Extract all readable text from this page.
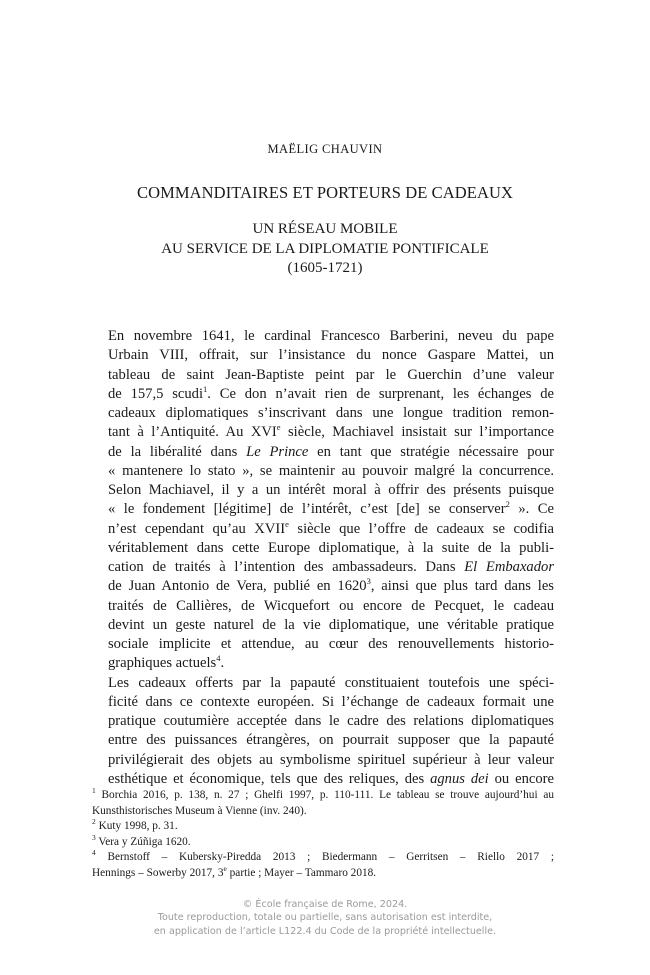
MAËLIG CHAUVIN
COMMANDITAIRES ET PORTEURS DE CADEAUX
UN RÉSEAU MOBILE
AU SERVICE DE LA DIPLOMATIE PONTIFICALE
(1605-1721)

En novembre 1641, le cardinal Francesco Barberini, neveu du pape
Urbain VIII, offrait, sur l’insistance du nonce Gaspare Mattei, un
tableau de saint Jean-Baptiste peint par le Guerchin d’une valeur
de 157,5 scudi$^1$. Ce don n’avait rien de surprenant, les échanges de
cadeaux diplomatiques s’inscrivant dans une longue tradition remon-
tant à l’Antiquité. Au XVIe siècle, Machiavel insistait sur l’importance
de la libéralité dans Le Prince en tant que stratégie nécessaire pour
« mantenere lo stato », se maintenir au pouvoir malgré la concurrence.
Selon Machiavel, il y a un intérêt moral à offrir des présents puisque
« le fondement [légitime] de l’intérêt, c’est [de] se conserver$^2$ ». Ce
n’est cependant qu’au XVIIe siècle que l’offre de cadeaux se codifia
véritablement dans cette Europe diplomatique, à la suite de la publi-
cation de traités à l’intention des ambassadeurs. Dans El Embaxador
de Juan Antonio de Vera, publié en 1620$^3$, ainsi que plus tard dans les
traités de Callières, de Wicquefort ou encore de Pecquet, le cadeau
devint un geste naturel de la vie diplomatique, une véritable pratique
sociale implicite et attendue, au cœur des renouvellements historio-
graphiques actuels$^4$.

Les cadeaux offerts par la papauté constituaient toutefois une spéci-
ficité dans ce contexte européen. Si l’échange de cadeaux formait une
pratique coutumière acceptée dans le cadre des relations diplomatiques
entre des puissances étrangères, on pourrait supposer que la papauté
privilégierait des objets au symbolisme spirituel supérieur à leur valeur
esthétique et économique, tels que des reliques, des agnus dei ou encore

$^1$ Borchia 2016, p. 138, n. 27 ; Ghelfi 1997, p. 110-111. Le tableau se trouve aujourd’hui au
Kunsthistorisches Museum à Vienne (inv. 240).
$^2$ Kuty 1998, p. 31.
$^3$ Vera y Zúñiga 1620.
$^4$ Bernstoff – Kubersky-Piredda 2013 ; Biedermann – Gerritsen – Riello 2017 ;
Hennings – Sowerby 2017, 3e partie ; Mayer – Tammaro 2018.
© École française de Rome, 2024.
Toute reproduction, totale ou partielle, sans autorisation est interdite,
en application de l’article L122.4 du Code de la propriété intellectuelle.
